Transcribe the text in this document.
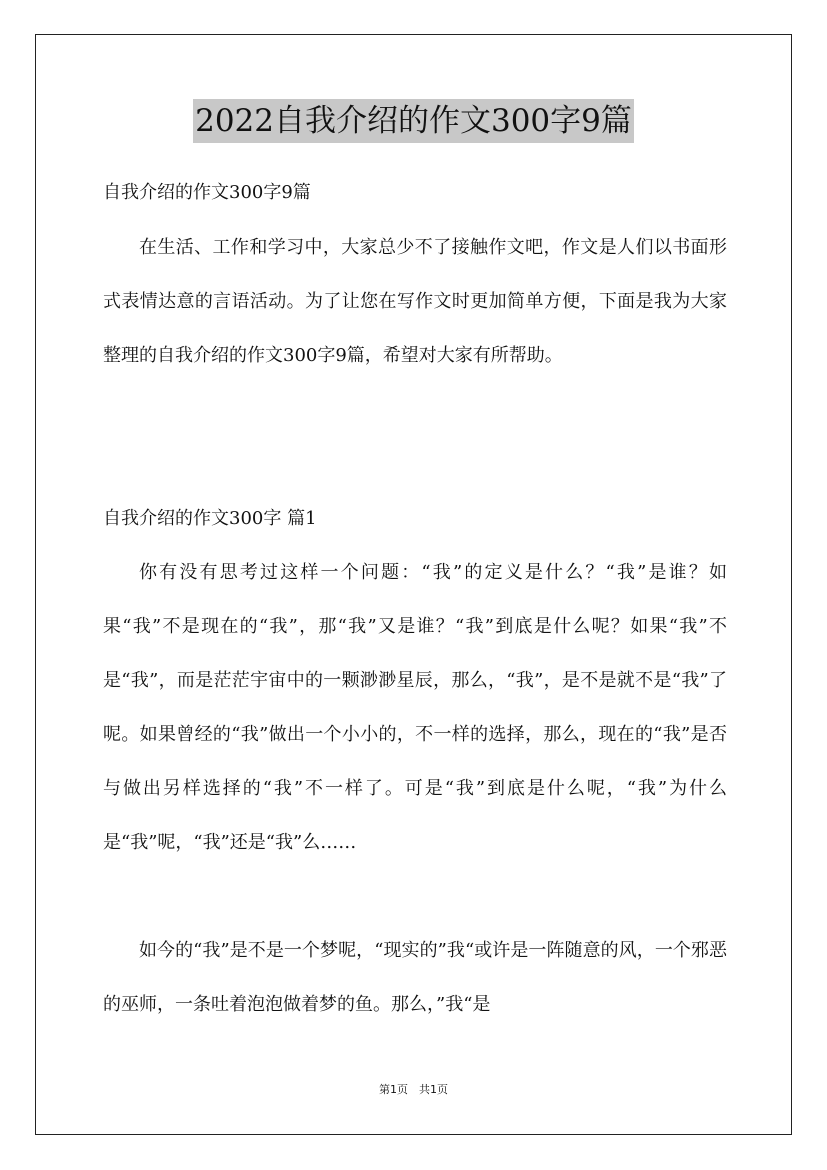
2022自我介绍的作文300字9篇
自我介绍的作文300字9篇

在生活、工作和学习中，大家总少不了接触作文吧，作文是人们以书面形式表情达意的言语活动。为了让您在写作文时更加简单方便，下面是我为大家整理的自我介绍的作文300字9篇，希望对大家有所帮助。

自我介绍的作文300字 篇1

你有没有思考过这样一个问题：“我”的定义是什么？“我”是谁？如果“我”不是现在的“我”，那“我”又是谁？“我”到底是什么呢？如果“我”不是“我”，而是茫茫宇宙中的一颗渺渺星辰，那么，“我”，是不是就不是“我”了呢。如果曾经的“我”做出一个小小的，不一样的选择，那么，现在的“我”是否与做出另样选择的“我”不一样了。可是“我”到底是什么呢，“我”为什么是“我”呢，“我”还是“我”么……

如今的“我”是不是一个梦呢，“现实的”我“或许是一阵随意的风，一个邪恶的巫师，一条吐着泡泡做着梦的鱼。那么，”我“是

第1页　共1页
